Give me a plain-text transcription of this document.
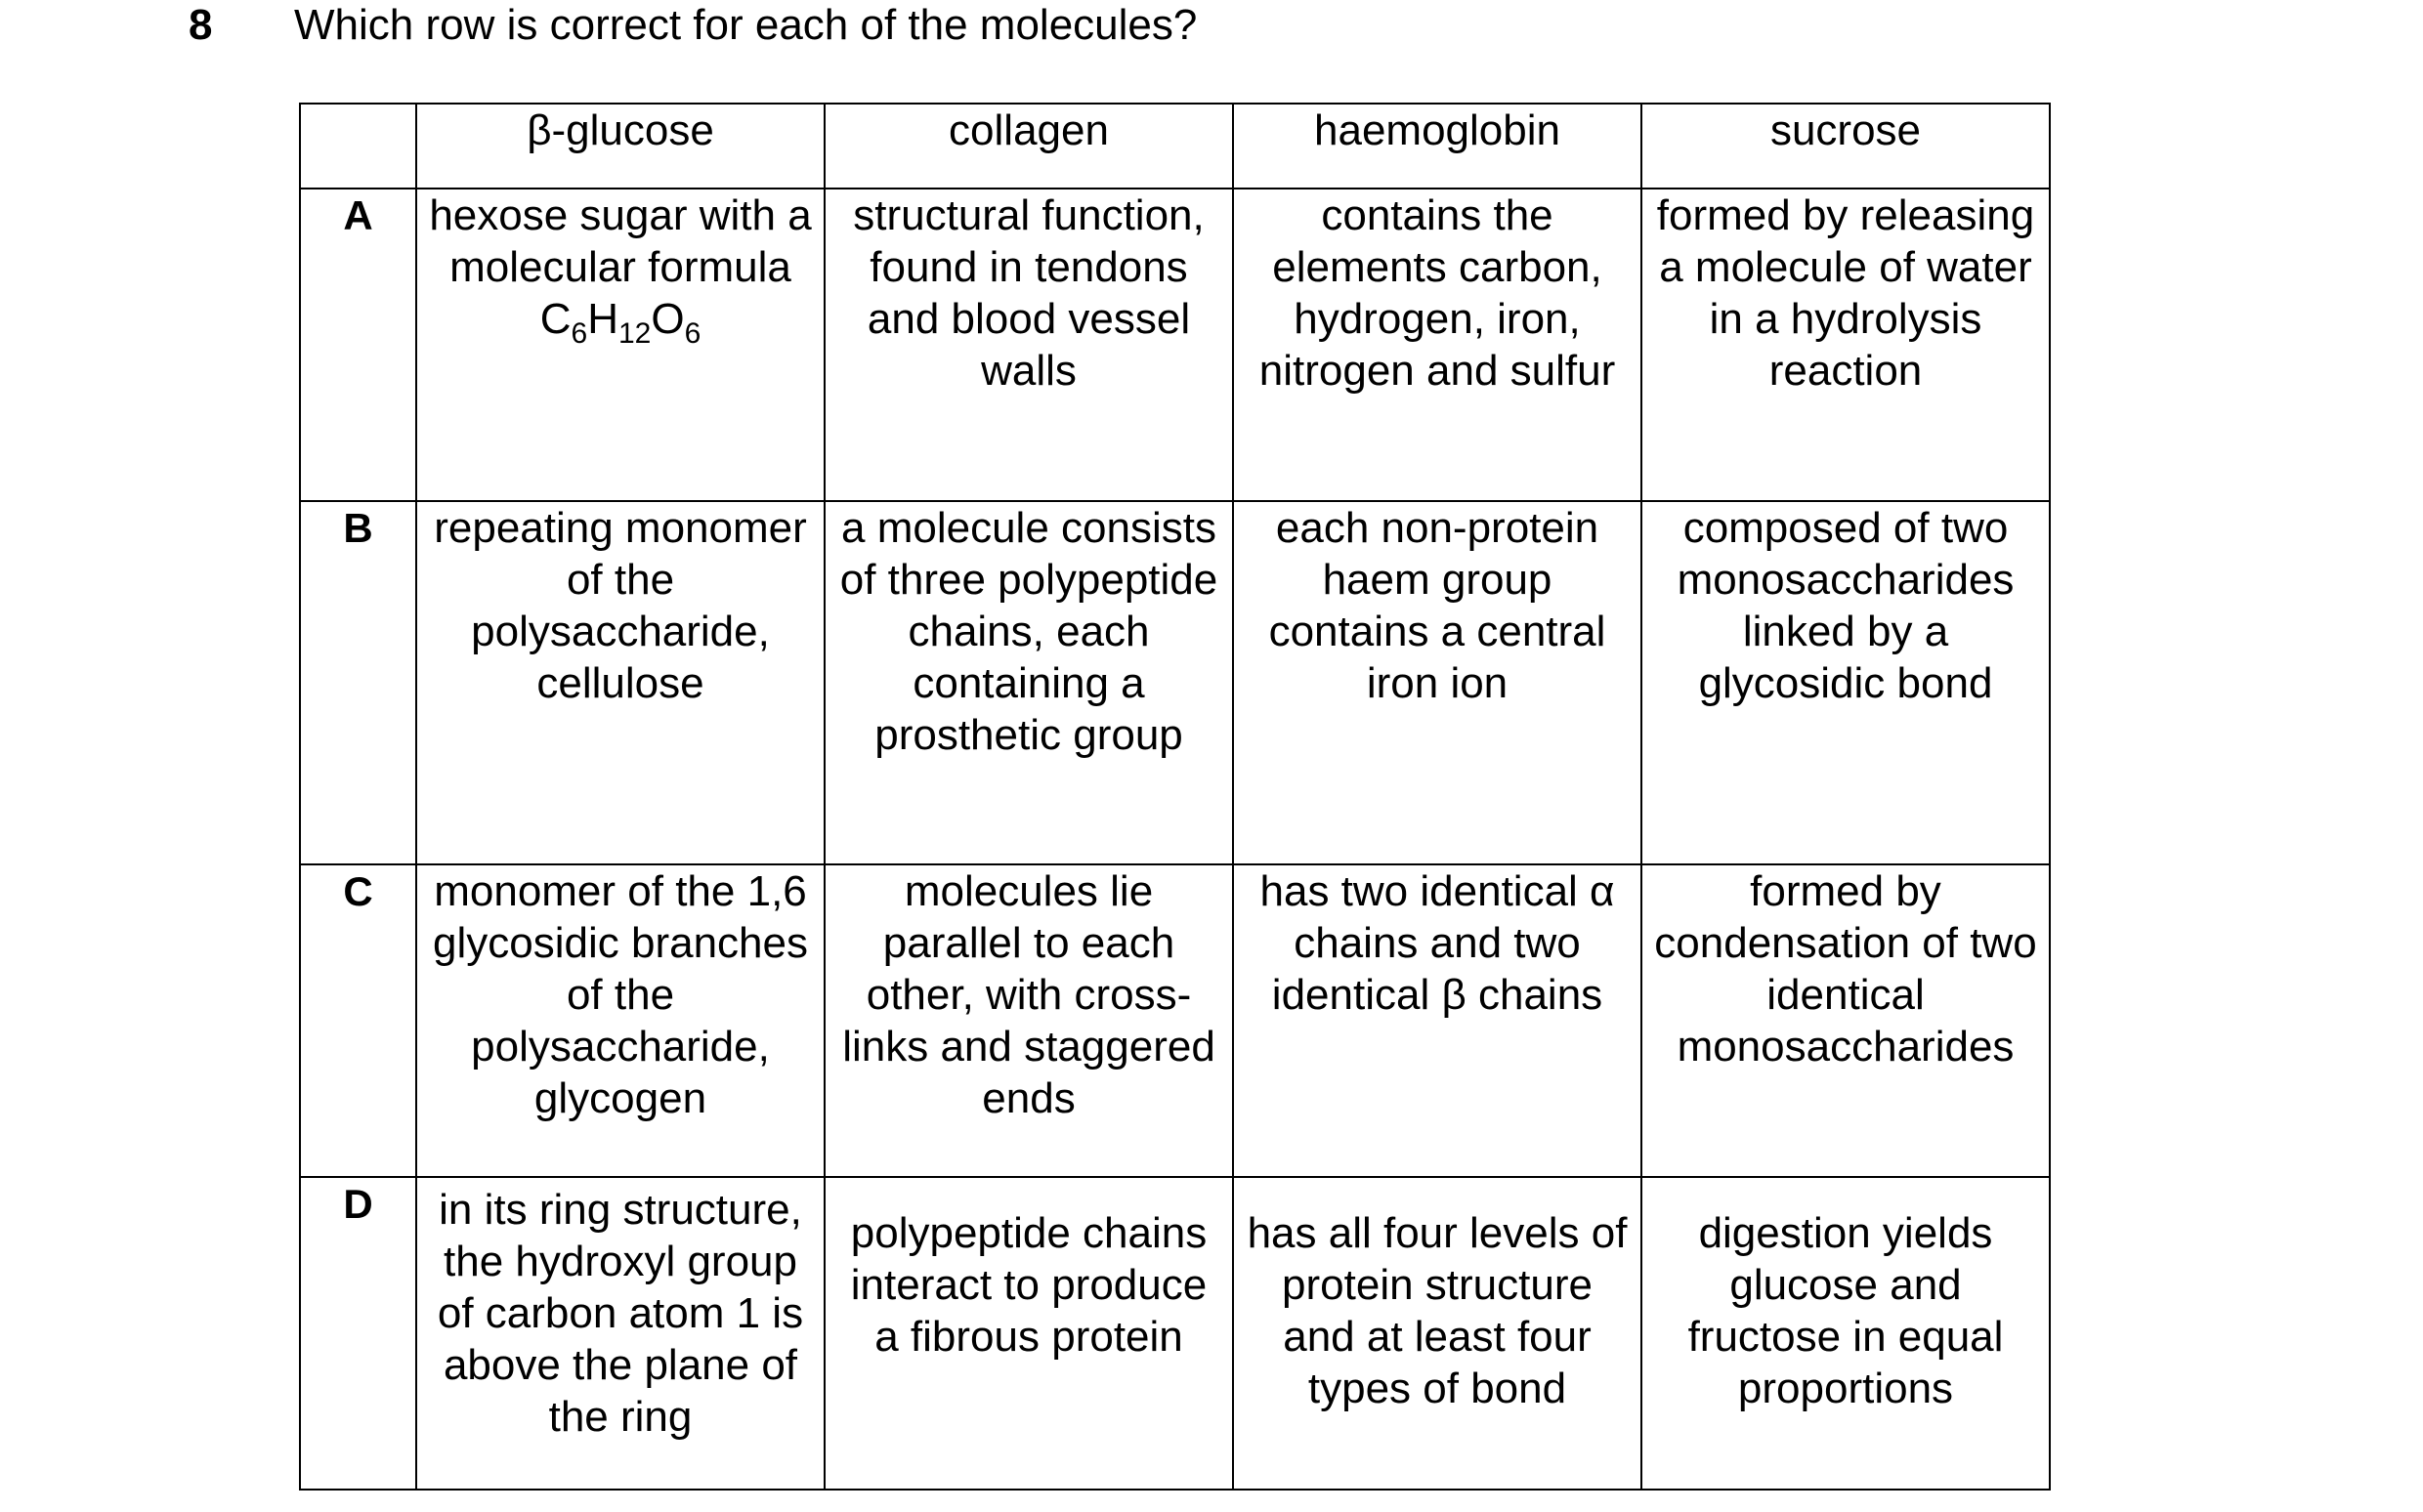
8 Which row is correct for each of the molecules?
	β-glucose	collagen	haemoglobin	sucrose
A	hexose sugar with a molecular formula $C_6H_{12}O_6$	structural function, found in tendons and blood vessel walls	contains the elements carbon, hydrogen, iron, nitrogen and sulfur	formed by releasing a molecule of water in a hydrolysis reaction
B	repeating monomer of the polysaccharide, cellulose	a molecule consists of three polypeptide chains, each containing a prosthetic group	each non-protein haem group contains a central iron ion	composed of two monosaccharides linked by a glycosidic bond
C	monomer of the 1,6 glycosidic branches of the polysaccharide, glycogen	molecules lie parallel to each other, with cross-links and staggered ends	has two identical α chains and two identical β chains	formed by condensation of two identical monosaccharides
D	in its ring structure, the hydroxyl group of carbon atom 1 is above the plane of the ring	polypeptide chains interact to produce a fibrous protein	has all four levels of protein structure and at least four types of bond	digestion yields glucose and fructose in equal proportions
